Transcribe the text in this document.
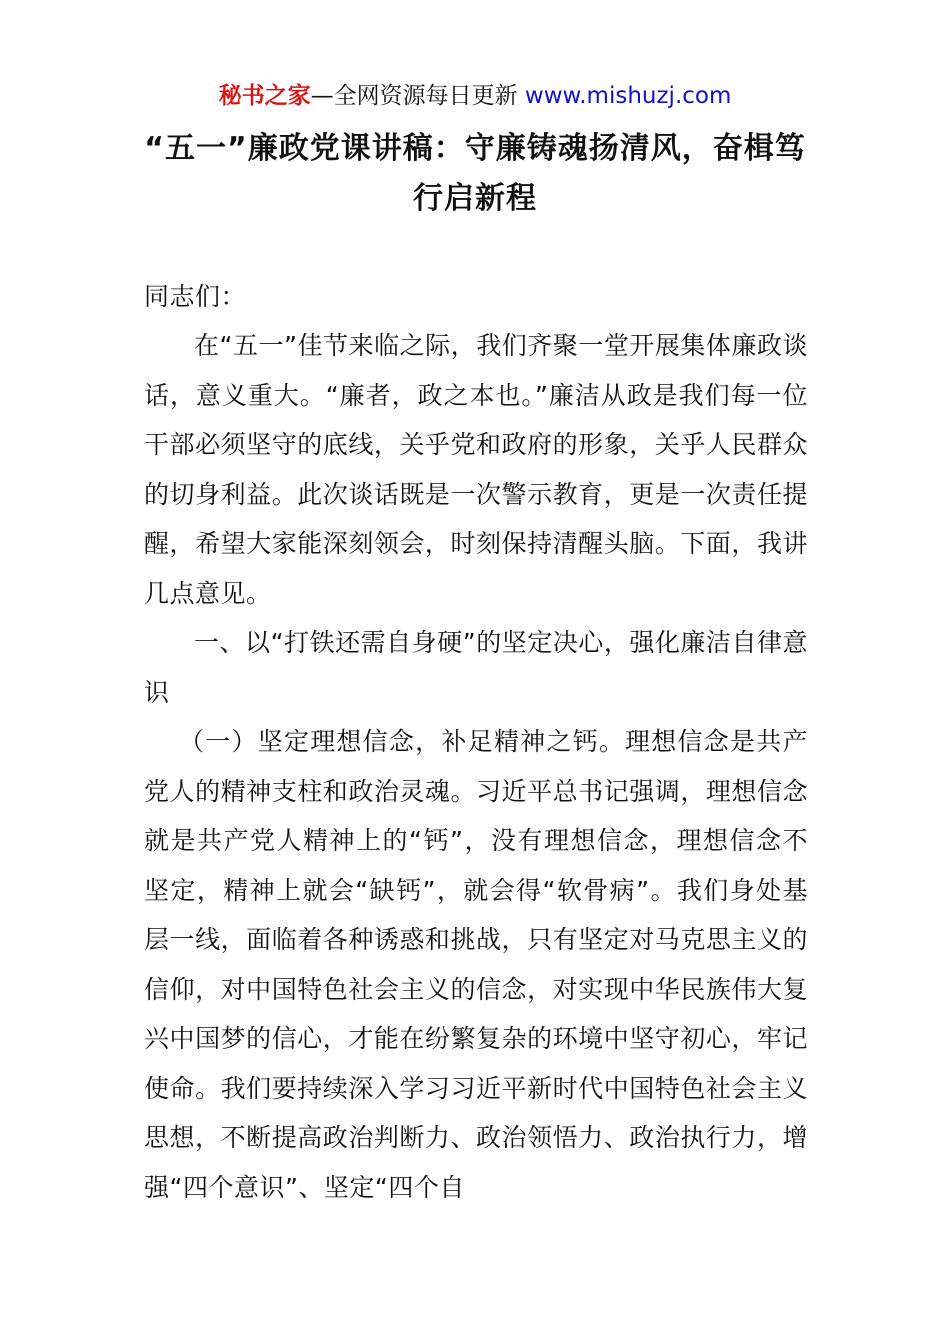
秘书之家—全网资源每日更新 www.mishuzj.com
“五一”廉政党课讲稿：守廉铸魂扬清风，奋楫笃行启新程
同志们：
在“五一”佳节来临之际，我们齐聚一堂开展集体廉政谈话，意义重大。“廉者，政之本也。”廉洁从政是我们每一位干部必须坚守的底线，关乎党和政府的形象，关乎人民群众的切身利益。此次谈话既是一次警示教育，更是一次责任提醒，希望大家能深刻领会，时刻保持清醒头脑。下面，我讲几点意见。
一、以“打铁还需自身硬”的坚定决心，强化廉洁自律意识
（一）坚定理想信念，补足精神之钙。理想信念是共产党人的精神支柱和政治灵魂。习近平总书记强调，理想信念就是共产党人精神上的“钙”，没有理想信念，理想信念不坚定，精神上就会“缺钙”，就会得“软骨病”。我们身处基层一线，面临着各种诱惑和挑战，只有坚定对马克思主义的信仰，对中国特色社会主义的信念，对实现中华民族伟大复兴中国梦的信心，才能在纷繁复杂的环境中坚守初心，牢记使命。我们要持续深入学习习近平新时代中国特色社会主义思想，不断提高政治判断力、政治领悟力、政治执行力，增强“四个意识”、坚定“四个自
